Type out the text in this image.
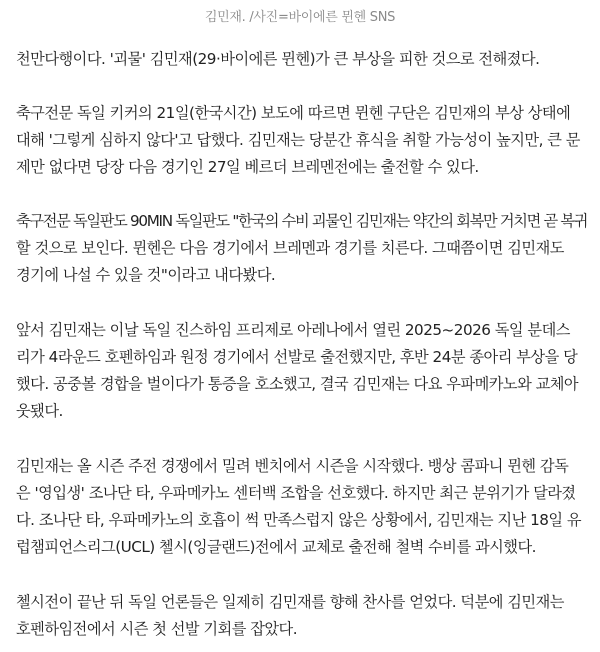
김민재. /사진=바이에른 뮌헨 SNS
천만다행이다. '괴물' 김민재(29·바이에른 뮌헨)가 큰 부상을 피한 것으로 전해졌다.
축구전문 독일 키커의 21일(한국시간) 보도에 따르면 뮌헨 구단은 김민재의 부상 상태에
대해 '그렇게 심하지 않다'고 답했다. 김민재는 당분간 휴식을 취할 가능성이 높지만, 큰 문
제만 없다면 당장 다음 경기인 27일 베르더 브레멘전에는 출전할 수 있다.
축구전문 독일판도 90MIN 독일판도 "한국의 수비 괴물인 김민재는 약간의 회복만 거치면 곧 복귀
할 것으로 보인다. 뮌헨은 다음 경기에서 브레멘과 경기를 치른다. 그때쯤이면 김민재도
경기에 나설 수 있을 것"이라고 내다봤다.
앞서 김민재는 이날 독일 진스하임 프리제로 아레나에서 열린 2025~2026 독일 분데스
리가 4라운드 호펜하임과 원정 경기에서 선발로 출전했지만, 후반 24분 종아리 부상을 당
했다. 공중볼 경합을 벌이다가 통증을 호소했고, 결국 김민재는 다요 우파메카노와 교체아
웃됐다.
김민재는 올 시즌 주전 경쟁에서 밀려 벤치에서 시즌을 시작했다. 뱅상 콤파니 뮌헨 감독
은 '영입생' 조나단 타, 우파메카노 센터백 조합을 선호했다. 하지만 최근 분위기가 달라졌
다. 조나단 타, 우파메카노의 호흡이 썩 만족스럽지 않은 상황에서, 김민재는 지난 18일 유
럽챔피언스리그(UCL) 첼시(잉글랜드)전에서 교체로 출전해 철벽 수비를 과시했다.
첼시전이 끝난 뒤 독일 언론들은 일제히 김민재를 향해 찬사를 얻었다. 덕분에 김민재는
호펜하임전에서 시즌 첫 선발 기회를 잡았다.
